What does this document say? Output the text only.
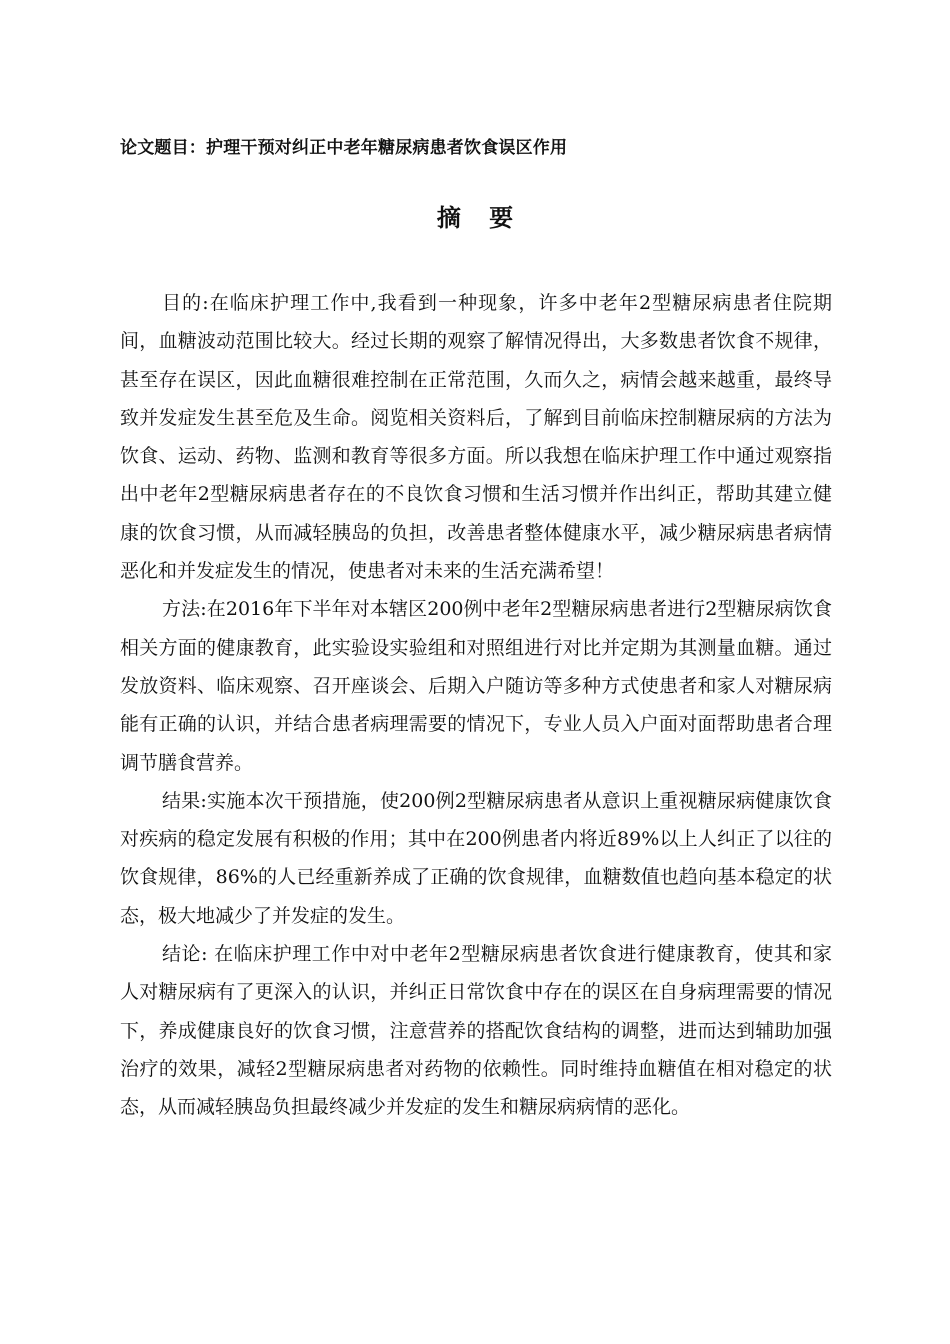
论文题目：护理干预对纠正中老年糖尿病患者饮食误区作用
摘 要

目的:在临床护理工作中,我看到一种现象，许多中老年2型糖尿病患者住院期间，血糖波动范围比较大。经过长期的观察了解情况得出，大多数患者饮食不规律，甚至存在误区，因此血糖很难控制在正常范围，久而久之，病情会越来越重，最终导致并发症发生甚至危及生命。阅览相关资料后，了解到目前临床控制糖尿病的方法为饮食、运动、药物、监测和教育等很多方面。所以我想在临床护理工作中通过观察指出中老年2型糖尿病患者存在的不良饮食习惯和生活习惯并作出纠正，帮助其建立健康的饮食习惯，从而减轻胰岛的负担，改善患者整体健康水平，减少糖尿病患者病情恶化和并发症发生的情况，使患者对未来的生活充满希望！

方法:在2016年下半年对本辖区200例中老年2型糖尿病患者进行2型糖尿病饮食相关方面的健康教育，此实验设实验组和对照组进行对比并定期为其测量血糖。通过发放资料、临床观察、召开座谈会、后期入户随访等多种方式使患者和家人对糖尿病能有正确的认识，并结合患者病理需要的情况下，专业人员入户面对面帮助患者合理调节膳食营养。

结果:实施本次干预措施，使200例2型糖尿病患者从意识上重视糖尿病健康饮食对疾病的稳定发展有积极的作用；其中在200例患者内将近89%以上人纠正了以往的饮食规律，86%的人已经重新养成了正确的饮食规律，血糖数值也趋向基本稳定的状态，极大地减少了并发症的发生。

结论: 在临床护理工作中对中老年2型糖尿病患者饮食进行健康教育，使其和家人对糖尿病有了更深入的认识，并纠正日常饮食中存在的误区在自身病理需要的情况下，养成健康良好的饮食习惯，注意营养的搭配饮食结构的调整，进而达到辅助加强治疗的效果，减轻2型糖尿病患者对药物的依赖性。同时维持血糖值在相对稳定的状态，从而减轻胰岛负担最终减少并发症的发生和糖尿病病情的恶化。
